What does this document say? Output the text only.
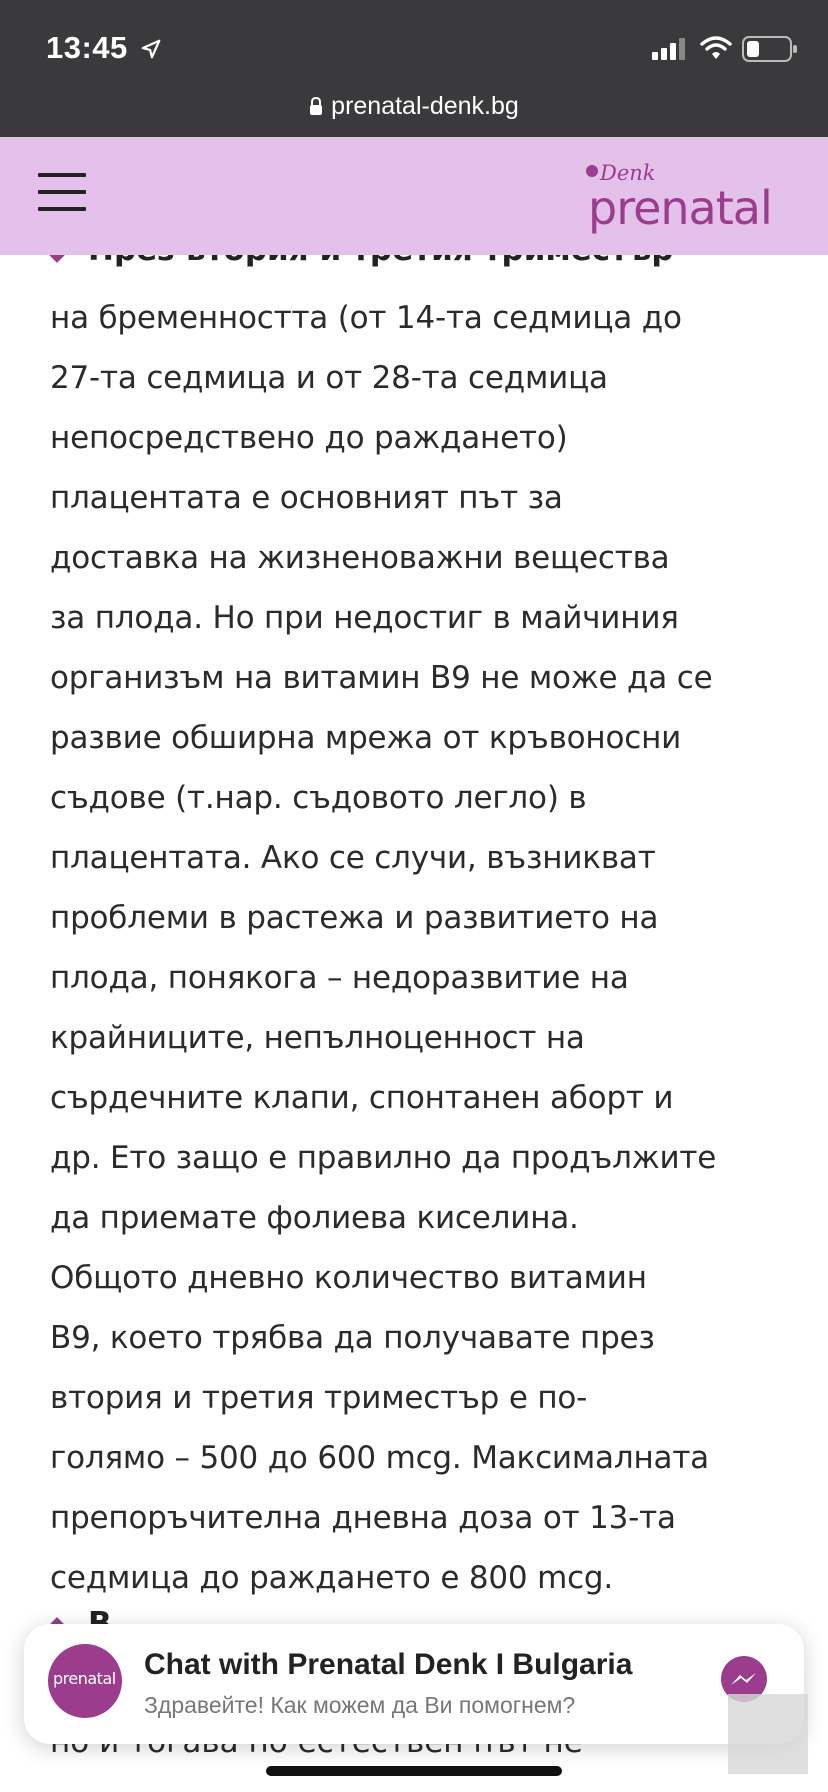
13:45
prenatal-denk.bg
Denk
prenatal
на бременността (от 14-та седмица до
27-та седмица и от 28-та седмица
непосредствено до раждането)
плацентата е основният път за
доставка на жизненоважни вещества
за плода. Но при недостиг в майчиния
организъм на витамин B9 не може да се
развие обширна мрежа от кръвоносни
съдове (т.нар. съдовото легло) в
плацентата. Ако се случи, възникват
проблеми в растежа и развитието на
плода, понякога – недоразвитие на
крайниците, непълноценност на
сърдечните клапи, спонтанен аборт и
др. Ето защо е правилно да продължите
да приемате фолиева киселина.
Общото дневно количество витамин
B9, което трябва да получавате през
втория и третия триместър е по-
голямо – 500 до 600 mcg. Максималната
препоръчителна дневна доза от 13-та
седмица до раждането е 800 mcg.
prenatal Chat with Prenatal Denk I Bulgaria
Здравейте! Как можем да Ви помогнем?
